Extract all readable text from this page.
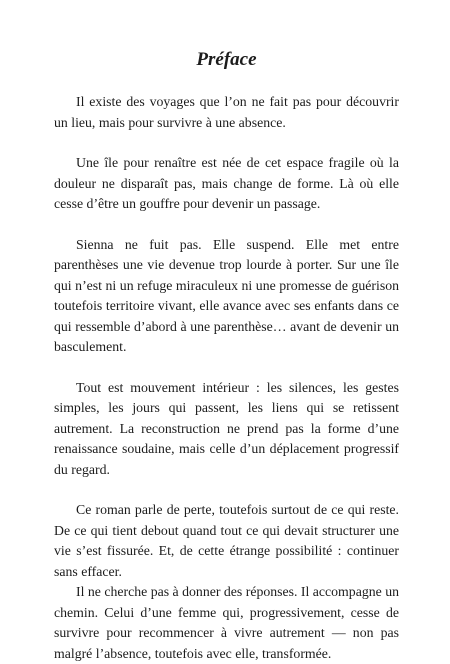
Préface

Il existe des voyages que l’on ne fait pas pour découvrir un lieu, mais pour survivre à une absence.

Une île pour renaître est née de cet espace fragile où la douleur ne disparaît pas, mais change de forme. Là où elle cesse d’être un gouffre pour devenir un passage.

Sienna ne fuit pas. Elle suspend. Elle met entre parenthèses une vie devenue trop lourde à porter. Sur une île qui n’est ni un refuge miraculeux ni une promesse de guérison toutefois territoire vivant, elle avance avec ses enfants dans ce qui ressemble d’abord à une parenthèse… avant de devenir un basculement.

Tout est mouvement intérieur : les silences, les gestes simples, les jours qui passent, les liens qui se retissent autrement. La reconstruction ne prend pas la forme d’une renaissance soudaine, mais celle d’un déplacement progressif du regard.

Ce roman parle de perte, toutefois surtout de ce qui reste. De ce qui tient debout quand tout ce qui devait structurer une vie s’est fissurée. Et, de cette étrange possibilité : continuer sans effacer.

Il ne cherche pas à donner des réponses. Il accompagne un chemin. Celui d’une femme qui, progressivement, cesse de survivre pour recommencer à vivre autrement — non pas malgré l’absence, toutefois avec elle, transformée.
